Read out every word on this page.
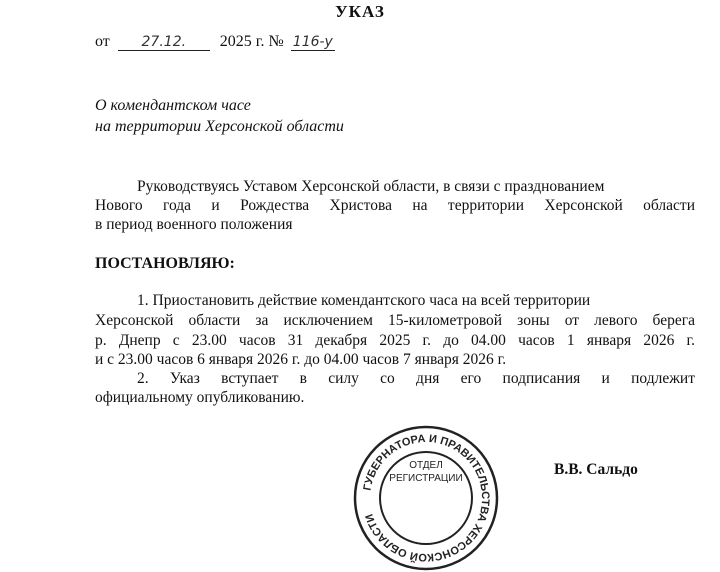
УКАЗ
от 27.12. 2025 г. № 116-у
О комендантском часе
на территории Херсонской области
Руководствуясь Уставом Херсонской области, в связи с празднованием
Нового года и Рождества Христова на территории Херсонской области
в период военного положения
ПОСТАНОВЛЯЮ:
1. Приостановить действие комендантского часа на всей территории
Херсонской области за исключением 15-километровой зоны от левого берега
р. Днепр с 23.00 часов 31 декабря 2025 г. до 04.00 часов 1 января 2026 г.
и с 23.00 часов 6 января 2026 г. до 04.00 часов 7 января 2026 г.
2. Указ вступает в силу со дня его подписания и подлежит
официальному опубликованию.
ГУБЕРНАТОРА И ПРАВИТЕЛЬСТВА ХЕРСОНСКОЙ ОБЛАСТИ
ОТДЕЛ
РЕГИСТРАЦИИ
В.В. Сальдо
